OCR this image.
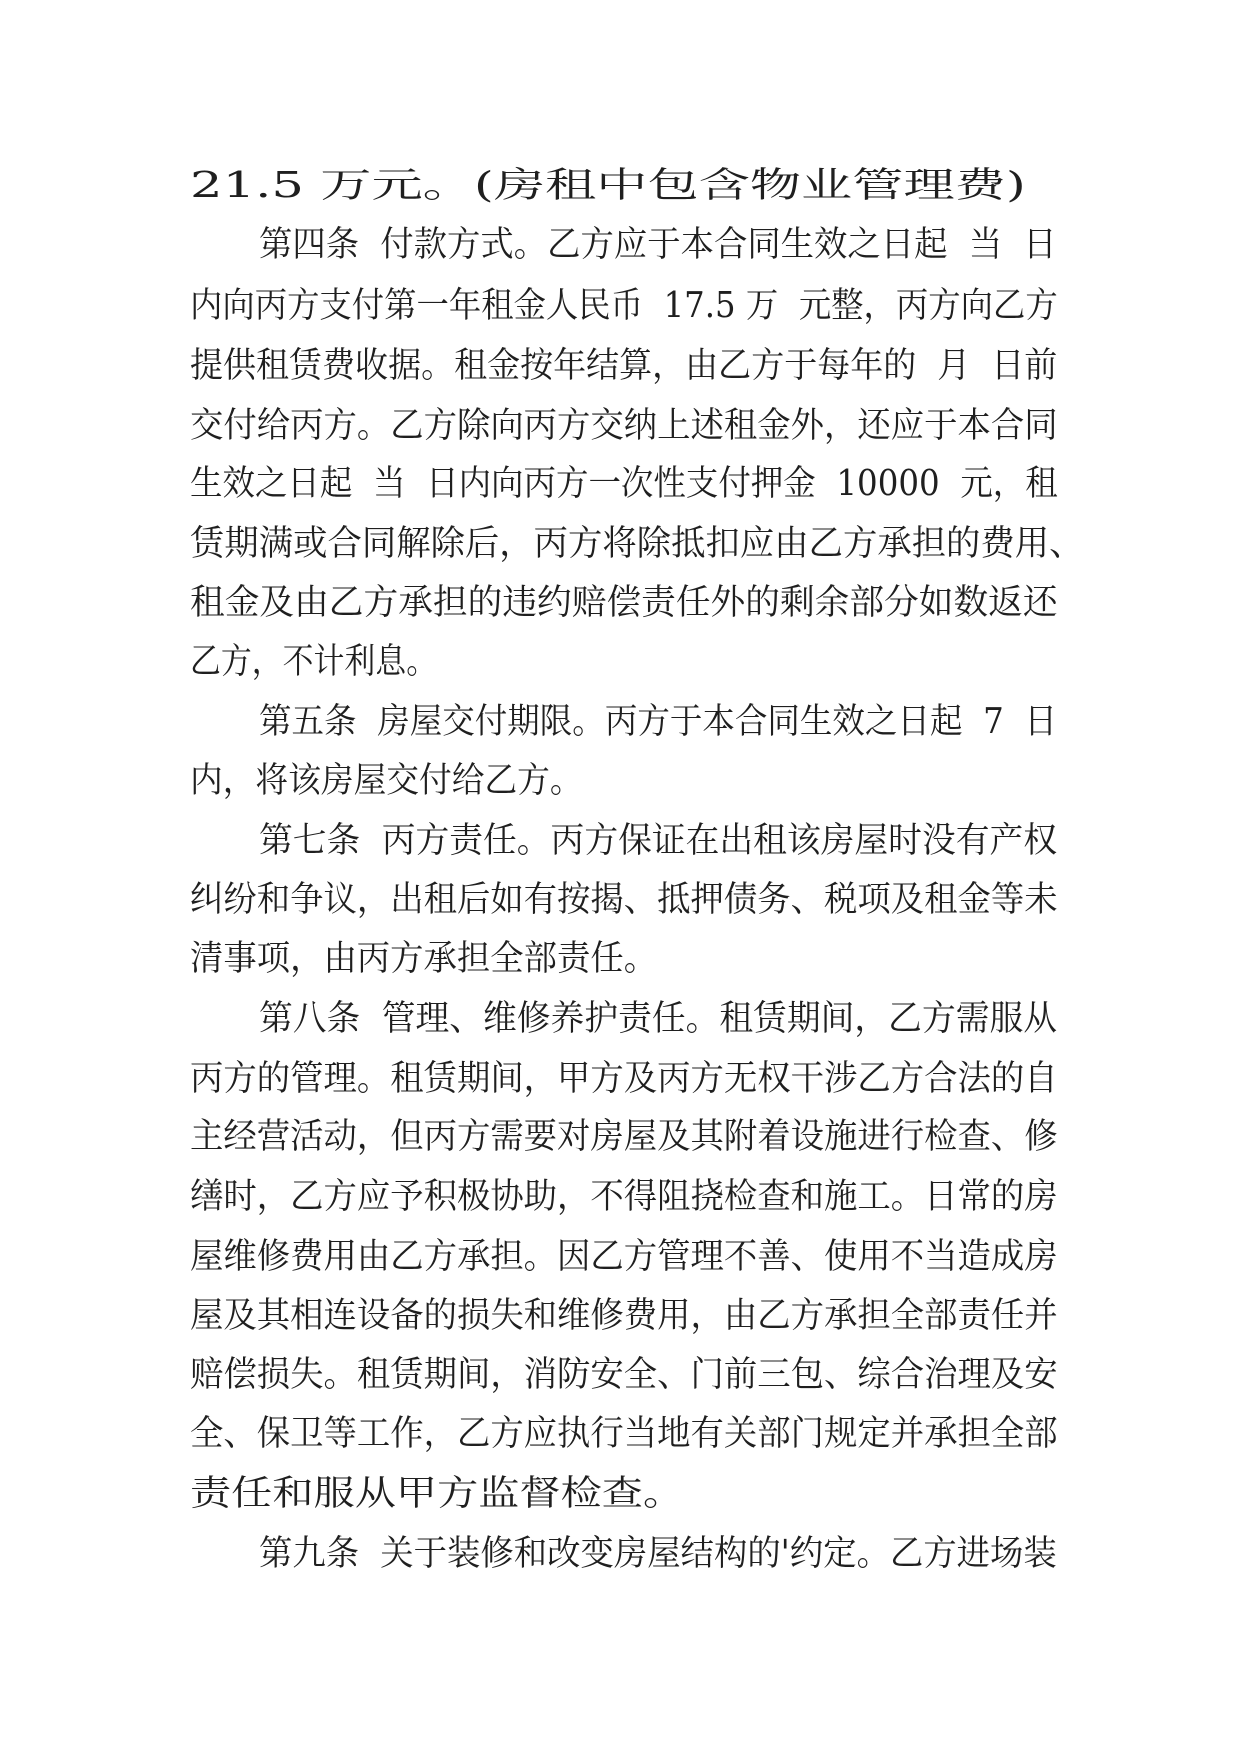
21.5 万元。(房租中包含物业管理费)

第四条  付款方式。乙方应于本合同生效之日起  当  日

内向丙方支付第一年租金人民币  17.5 万  元整，丙方向乙方

提供租赁费收据。租金按年结算，由乙方于每年的  月  日前

交付给丙方。乙方除向丙方交纳上述租金外，还应于本合同

生效之日起  当  日内向丙方一次性支付押金  10000  元，租

赁期满或合同解除后，丙方将除抵扣应由乙方承担的费用、

租金及由乙方承担的违约赔偿责任外的剩余部分如数返还

乙方，不计利息。

第五条  房屋交付期限。丙方于本合同生效之日起  7  日

内，将该房屋交付给乙方。

第七条  丙方责任。丙方保证在出租该房屋时没有产权

纠纷和争议，出租后如有按揭、抵押债务、税项及租金等未

清事项，由丙方承担全部责任。

第八条  管理、维修养护责任。租赁期间，乙方需服从

丙方的管理。租赁期间，甲方及丙方无权干涉乙方合法的自

主经营活动，但丙方需要对房屋及其附着设施进行检查、修

缮时，乙方应予积极协助，不得阻挠检查和施工。日常的房

屋维修费用由乙方承担。因乙方管理不善、使用不当造成房

屋及其相连设备的损失和维修费用，由乙方承担全部责任并

赔偿损失。租赁期间，消防安全、门前三包、综合治理及安

全、保卫等工作，乙方应执行当地有关部门规定并承担全部

责任和服从甲方监督检查。

第九条  关于装修和改变房屋结构的'约定。乙方进场装
